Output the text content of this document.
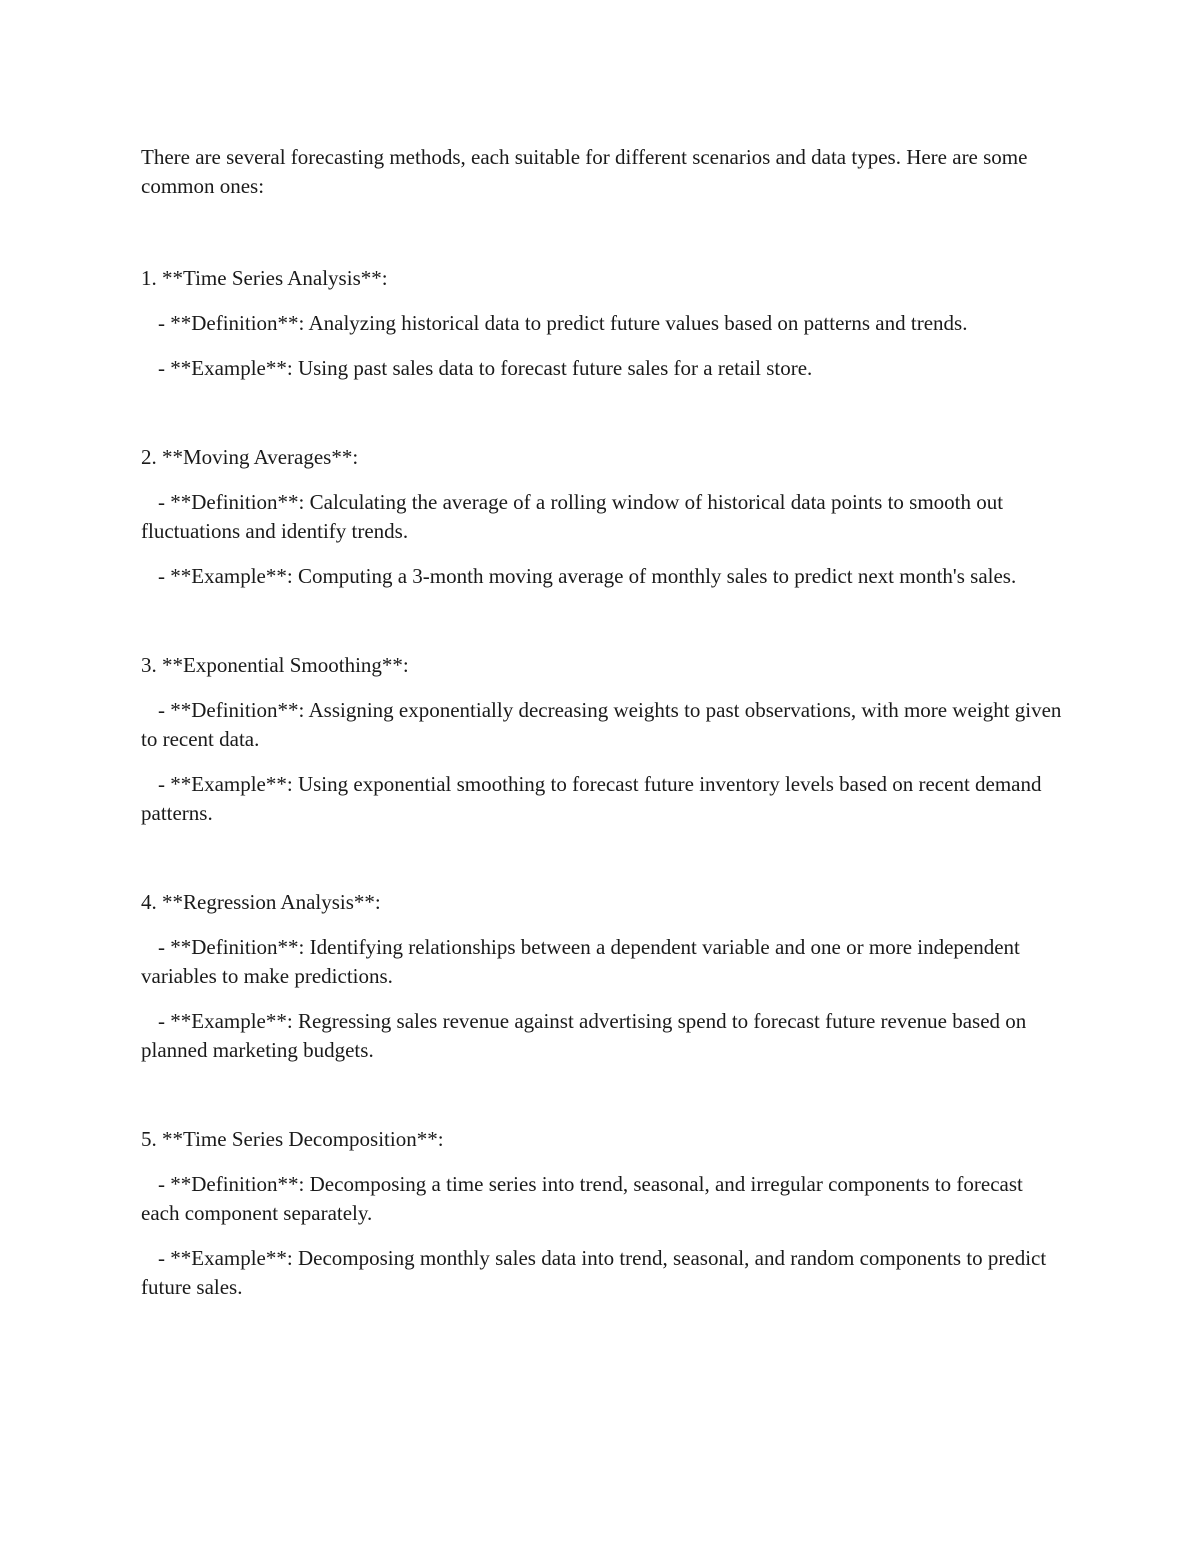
There are several forecasting methods, each suitable for different scenarios and data types. Here are some common ones:

1. **Time Series Analysis**:

- **Definition**: Analyzing historical data to predict future values based on patterns and trends.

- **Example**: Using past sales data to forecast future sales for a retail store.

2. **Moving Averages**:

- **Definition**: Calculating the average of a rolling window of historical data points to smooth out fluctuations and identify trends.

- **Example**: Computing a 3-month moving average of monthly sales to predict next month's sales.

3. **Exponential Smoothing**:

- **Definition**: Assigning exponentially decreasing weights to past observations, with more weight given to recent data.

- **Example**: Using exponential smoothing to forecast future inventory levels based on recent demand patterns.

4. **Regression Analysis**:

- **Definition**: Identifying relationships between a dependent variable and one or more independent variables to make predictions.

- **Example**: Regressing sales revenue against advertising spend to forecast future revenue based on planned marketing budgets.

5. **Time Series Decomposition**:

- **Definition**: Decomposing a time series into trend, seasonal, and irregular components to forecast each component separately.

- **Example**: Decomposing monthly sales data into trend, seasonal, and random components to predict future sales.
